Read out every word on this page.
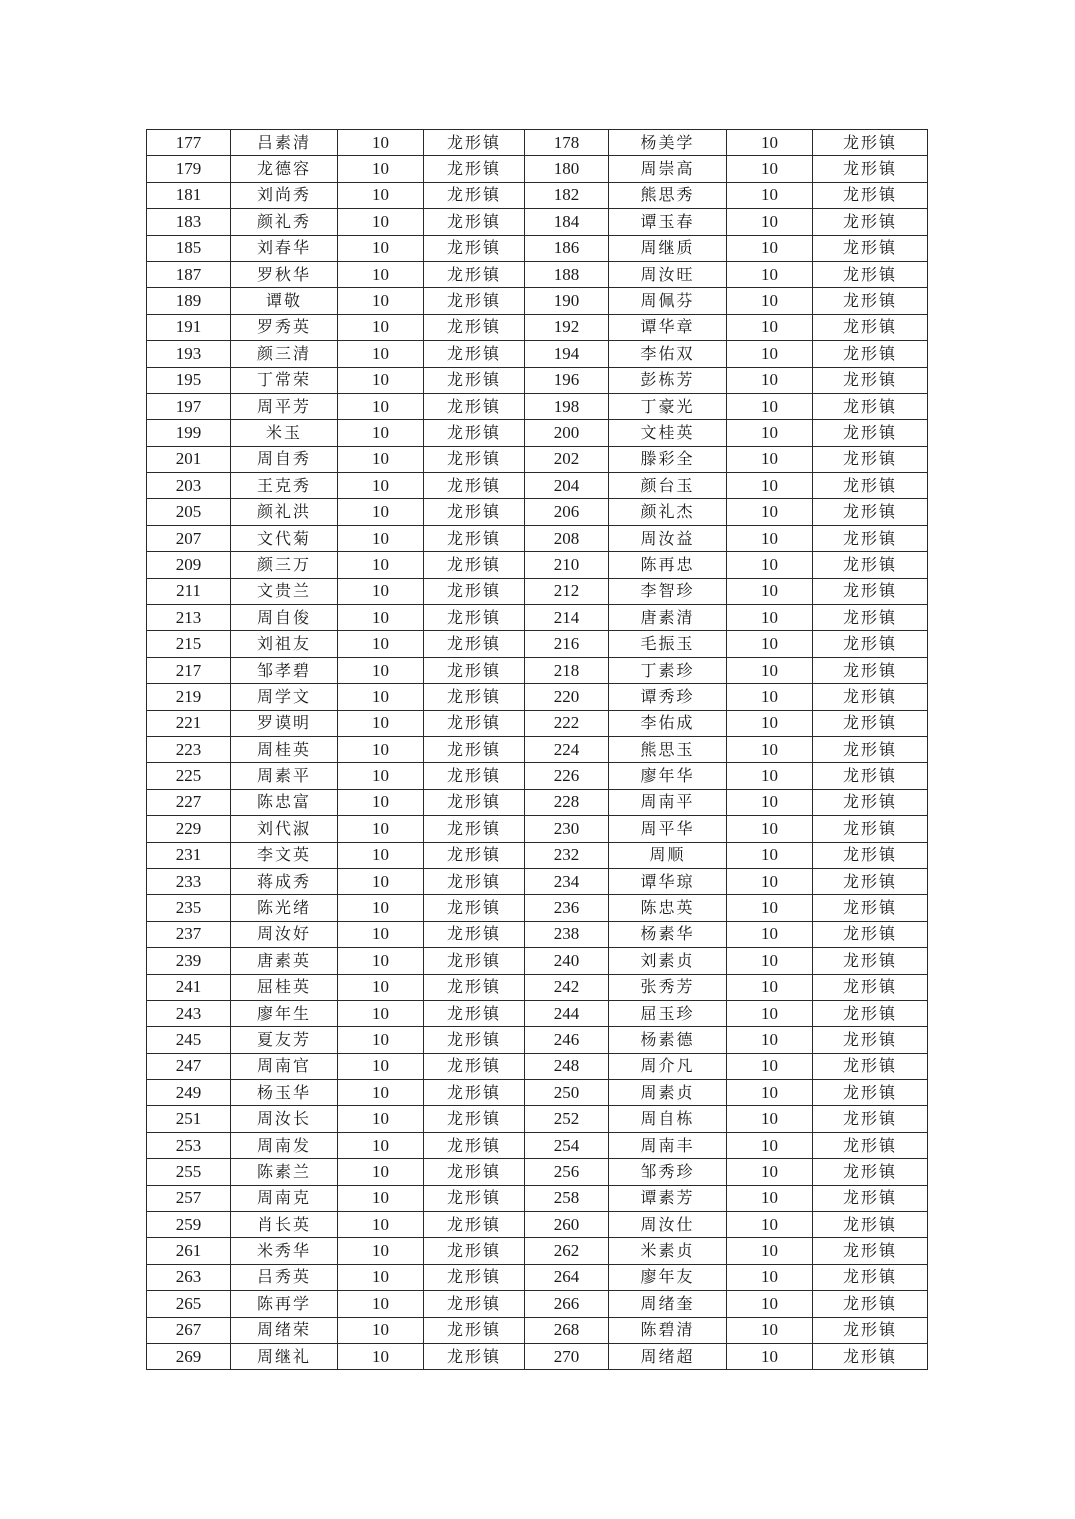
177	吕素清	10	龙形镇	178	杨美学	10	龙形镇
179	龙德容	10	龙形镇	180	周崇高	10	龙形镇
181	刘尚秀	10	龙形镇	182	熊思秀	10	龙形镇
183	颜礼秀	10	龙形镇	184	谭玉春	10	龙形镇
185	刘春华	10	龙形镇	186	周继质	10	龙形镇
187	罗秋华	10	龙形镇	188	周汝旺	10	龙形镇
189	谭敬	10	龙形镇	190	周佩芬	10	龙形镇
191	罗秀英	10	龙形镇	192	谭华章	10	龙形镇
193	颜三清	10	龙形镇	194	李佑双	10	龙形镇
195	丁常荣	10	龙形镇	196	彭栋芳	10	龙形镇
197	周平芳	10	龙形镇	198	丁豪光	10	龙形镇
199	米玉	10	龙形镇	200	文桂英	10	龙形镇
201	周自秀	10	龙形镇	202	滕彩全	10	龙形镇
203	王克秀	10	龙形镇	204	颜台玉	10	龙形镇
205	颜礼洪	10	龙形镇	206	颜礼杰	10	龙形镇
207	文代菊	10	龙形镇	208	周汝益	10	龙形镇
209	颜三万	10	龙形镇	210	陈再忠	10	龙形镇
211	文贵兰	10	龙形镇	212	李智珍	10	龙形镇
213	周自俊	10	龙形镇	214	唐素清	10	龙形镇
215	刘祖友	10	龙形镇	216	毛振玉	10	龙形镇
217	邹孝碧	10	龙形镇	218	丁素珍	10	龙形镇
219	周学文	10	龙形镇	220	谭秀珍	10	龙形镇
221	罗谟明	10	龙形镇	222	李佑成	10	龙形镇
223	周桂英	10	龙形镇	224	熊思玉	10	龙形镇
225	周素平	10	龙形镇	226	廖年华	10	龙形镇
227	陈忠富	10	龙形镇	228	周南平	10	龙形镇
229	刘代淑	10	龙形镇	230	周平华	10	龙形镇
231	李文英	10	龙形镇	232	周顺	10	龙形镇
233	蒋成秀	10	龙形镇	234	谭华琼	10	龙形镇
235	陈光绪	10	龙形镇	236	陈忠英	10	龙形镇
237	周汝好	10	龙形镇	238	杨素华	10	龙形镇
239	唐素英	10	龙形镇	240	刘素贞	10	龙形镇
241	屈桂英	10	龙形镇	242	张秀芳	10	龙形镇
243	廖年生	10	龙形镇	244	屈玉珍	10	龙形镇
245	夏友芳	10	龙形镇	246	杨素德	10	龙形镇
247	周南官	10	龙形镇	248	周介凡	10	龙形镇
249	杨玉华	10	龙形镇	250	周素贞	10	龙形镇
251	周汝长	10	龙形镇	252	周自栋	10	龙形镇
253	周南发	10	龙形镇	254	周南丰	10	龙形镇
255	陈素兰	10	龙形镇	256	邹秀珍	10	龙形镇
257	周南克	10	龙形镇	258	谭素芳	10	龙形镇
259	肖长英	10	龙形镇	260	周汝仕	10	龙形镇
261	米秀华	10	龙形镇	262	米素贞	10	龙形镇
263	吕秀英	10	龙形镇	264	廖年友	10	龙形镇
265	陈再学	10	龙形镇	266	周绪奎	10	龙形镇
267	周绪荣	10	龙形镇	268	陈碧清	10	龙形镇
269	周继礼	10	龙形镇	270	周绪超	10	龙形镇
